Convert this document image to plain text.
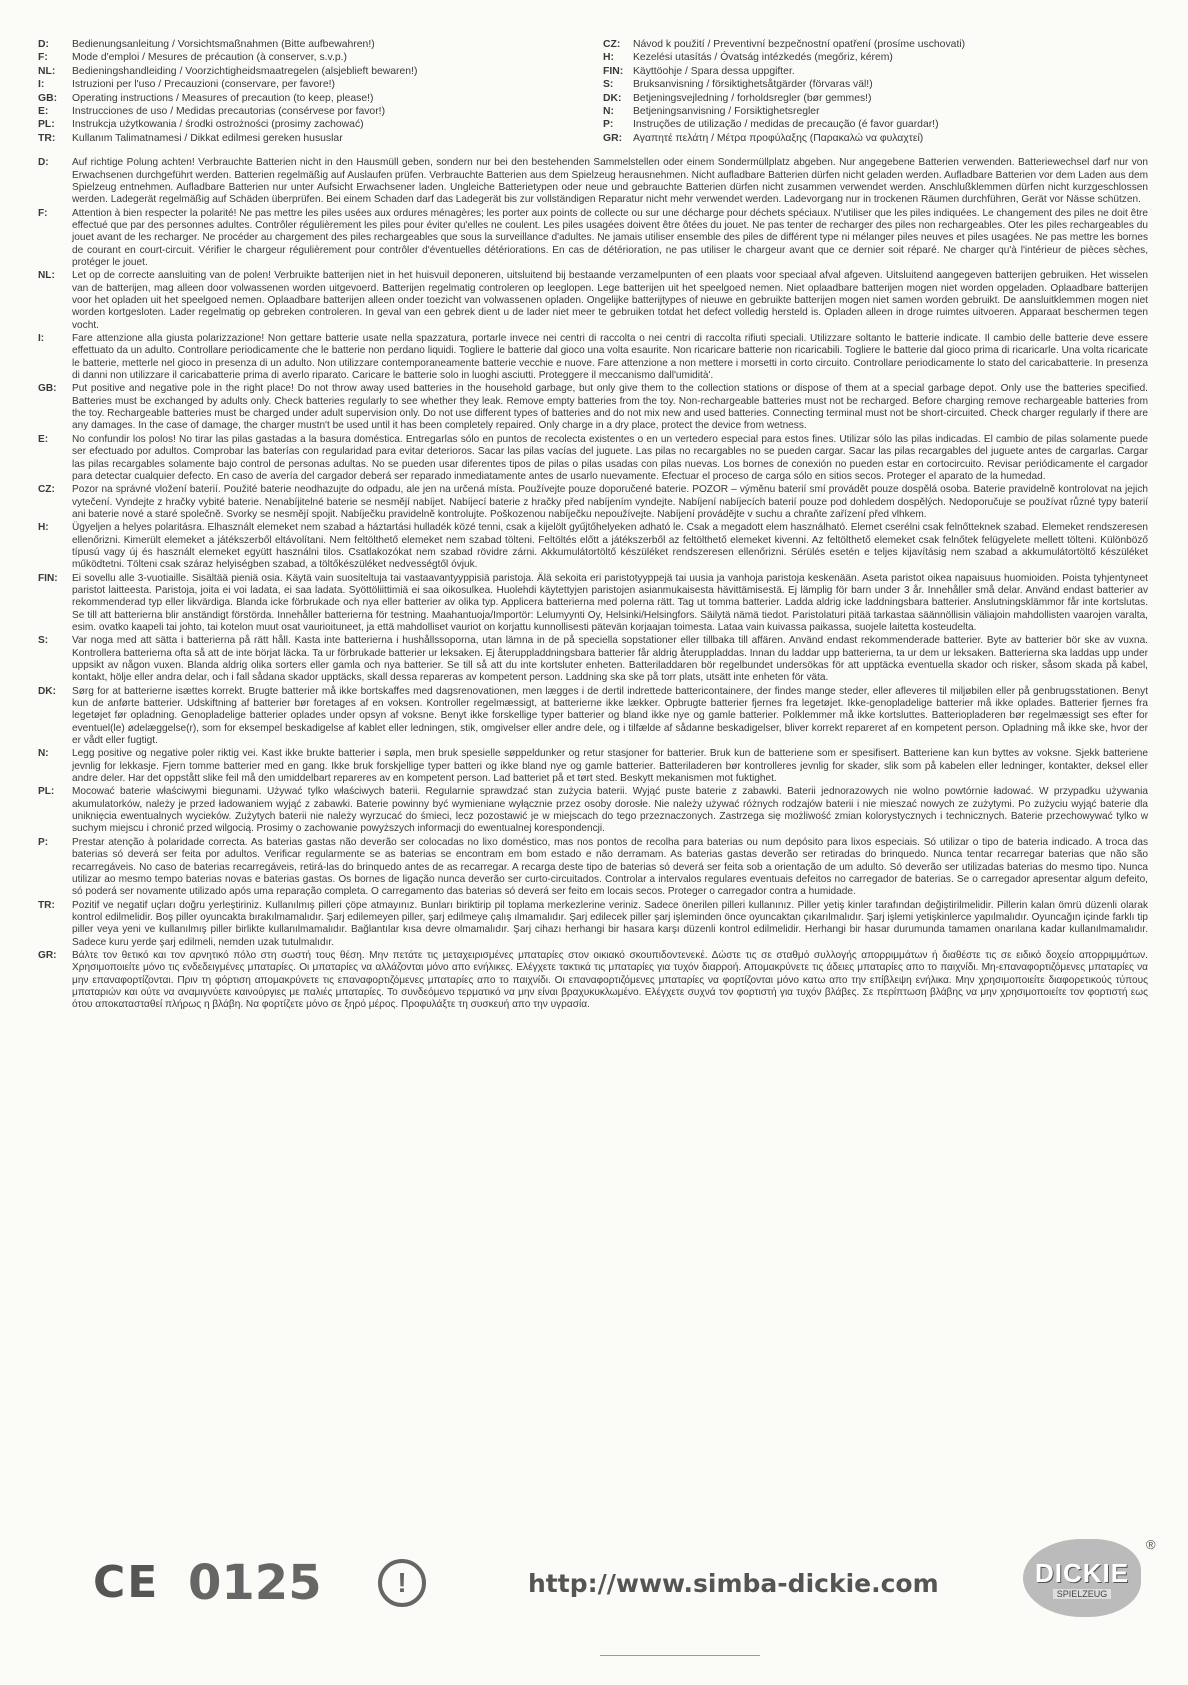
D:	Bedienungsanleitung / Vorsichtsmaßnahmen (Bitte aufbewahren!)
F:	Mode d'emploi / Mesures de précaution (à conserver, s.v.p.)
NL:	Bedieningshandleiding / Voorzichtigheidsmaatregelen (alsjeblieft bewaren!)
I:	Istruzioni per l'uso / Precauzioni (conservare, per favore!)
GB:	Operating instructions / Measures of precaution (to keep, please!)
E:	Instrucciones de uso / Medidas precautorias (consérvese por favor!)
PL:	Instrukcja użytkowania / środki ostrożności (prosimy zachować)
TR:	Kullanım Talimatnamesi / Dikkat edilmesi gereken hususlar
CZ:	Návod k použití / Preventivní bezpečnostní opatření (prosíme uschovati)
H:	Kezelési utasítás / Óvatság intézkedés (megőriz, kérem)
FIN: Käyttöohje / Spara dessa uppgifter.
S:	Bruksanvisning / försiktighetsåtgärder (förvaras väl!)
DK:	Betjeningsvejledning / forholdsregler (bør gemmes!)
N:	Betjeningsanvisning / Forsiktighetsregler
P:	Instruções de utilização / medidas de precaução (é favor guardar!)
GR:	Αγαπητέ πελάτη / Μέτρα προφύλαξης (Παρακαλώ να φυλαχτεί)
D:	Auf richtige Polung achten! Verbrauchte Batterien nicht in den Hausmüll geben, sondern nur bei den bestehenden Sammelstellen oder einem Sondermüllplatz abgeben. Nur angegebene Batterien verwenden. Batteriewechsel darf nur von Erwachsenen durchgeführt werden. Batterien regelmäßig auf Auslaufen prüfen. Verbrauchte Batterien aus dem Spielzeug herausnehmen. Nicht aufladbare Batterien dürfen nicht geladen werden. Aufladbare Batterien vor dem Laden aus dem Spielzeug entnehmen. Aufladbare Batterien nur unter Aufsicht Erwachsener laden. Ungleiche Batterietypen oder neue und gebrauchte Batterien dürfen nicht zusammen verwendet werden. Anschlußklemmen dürfen nicht kurzgeschlossen werden. Ladegerät regelmäßig auf Schäden überprüfen. Bei einem Schaden darf das Ladegerät bis zur vollständigen Reparatur nicht mehr verwendet werden. Ladevorgang nur in trockenen Räumen durchführen, Gerät vor Nässe schützen.
F:	Attention à bien respecter la polarité! Ne pas mettre les piles usées aux ordures ménagères; les porter aux points de collecte ou sur une décharge pour déchets spéciaux. N'utiliser que les piles indiquées. Le changement des piles ne doit être effectué que par des personnes adultes. Contrôler régulièrement les piles pour éviter qu'elles ne coulent. Les piles usagées doivent être ôtées du jouet. Ne pas tenter de recharger des piles non rechargeables. Oter les piles rechargeables du jouet avant de les recharger. Ne procéder au chargement des piles rechargeables que sous la surveillance d'adultes. Ne jamais utiliser ensemble des piles de différent type ni mélanger piles neuves et piles usagées. Ne pas mettre les bornes de courant en court-circuit. Vérifier le chargeur régulièrement pour contrôler d'éventuelles détériorations. En cas de détérioration, ne pas utiliser le chargeur avant que ce dernier soit réparé. Ne charger qu'à l'intérieur de pièces sèches, protéger le jouet.
NL:	Let op de correcte aansluiting van de polen! Verbruikte batterijen niet in het huisvuil deponeren, uitsluitend bij bestaande verzamelpunten of een plaats voor speciaal afval afgeven. Uitsluitend aangegeven batterijen gebruiken. Het wisselen van de batterijen, mag alleen door volwassenen worden uitgevoerd. Batterijen regelmatig controleren op leeglopen. Lege batterijen uit het speelgoed nemen. Niet oplaadbare batterijen mogen niet worden opgeladen. Oplaadbare batterijen voor het opladen uit het speelgoed nemen. Oplaadbare batterijen alleen onder toezicht van volwassenen opladen. Ongelijke batterijtypes of nieuwe en gebruikte batterijen mogen niet samen worden gebruikt. De aansluitklemmen mogen niet worden kortgesloten. Lader regelmatig op gebreken controleren. In geval van een gebrek dient u de lader niet meer te gebruiken totdat het defect volledig hersteld is. Opladen alleen in droge ruimtes uitvoeren. Apparaat beschermen tegen vocht.
I:	Fare attenzione alla giusta polarizzazione! Non gettare batterie usate nella spazzatura, portarle invece nei centri di raccolta o nei centri di raccolta rifiuti speciali. Utilizzare soltanto le batterie indicate. Il cambio delle batterie deve essere effettuato da un adulto. Controllare periodicamente che le batterie non perdano liquidi. Togliere le batterie dal gioco una volta esaurite. Non ricaricare batterie non ricaricabili. Togliere le batterie dal gioco prima di ricaricarle. Una volta ricaricate le batterie, metterle nel gioco in presenza di un adulto. Non utilizzare contemporaneamente batterie vecchie e nuove. Fare attenzione a non mettere i morsetti in corto circuito. Controllare periodicamente lo stato del caricabatterie. In presenza di danni non utilizzare il caricabatterie prima di averlo riparato. Caricare le batterie solo in luoghi asciutti. Proteggere il meccanismo dall'umidità'.
GB:	Put positive and negative pole in the right place! Do not throw away used batteries in the household garbage, but only give them to the collection stations or dispose of them at a special garbage depot. Only use the batteries specified. Batteries must be exchanged by adults only. Check batteries regularly to see whether they leak. Remove empty batteries from the toy. Non-rechargeable batteries must not be recharged. Before charging remove rechargeable batteries from the toy. Rechargeable batteries must be charged under adult supervision only. Do not use different types of batteries and do not mix new and used batteries. Connecting terminal must not be short-circuited. Check charger regularly if there are any damages. In the case of damage, the charger mustn't be used until it has been completely repaired. Only charge in a dry place, protect the device from wetness.
E:	No confundir los polos! No tirar las pilas gastadas a la basura doméstica. Entregarlas sólo en puntos de recolecta existentes o en un vertedero especial para estos fines. Utilizar sólo las pilas indicadas. El cambio de pilas solamente puede ser efectuado por adultos. Comprobar las baterías con regularidad para evitar deterioros. Sacar las pilas vacías del juguete. Las pilas no recargables no se pueden cargar. Sacar las pilas recargables del juguete antes de cargarlas. Cargar las pilas recargables solamente bajo control de personas adultas. No se pueden usar diferentes tipos de pilas o pilas usadas con pilas nuevas. Los bornes de conexión no pueden estar en cortocircuito. Revisar periódicamente el cargador para detectar cualquier defecto. En caso de avería del cargador deberá ser reparado inmediatamente antes de usarlo nuevamente. Efectuar el proceso de carga sólo en sitios secos. Proteger el aparato de la humedad.
CZ:	Pozor na správné vložení baterií. Použité baterie neodhazujte do odpadu, ale jen na určená místa. Používejte pouze doporučené baterie. POZOR – výměnu baterií smí provádět pouze dospělá osoba. Baterie pravidelně kontrolovat na jejich vytečení. Vyndejte z hračky vybité baterie. Nenabíjitelné baterie se nesmějí nabíjet. Nabíjecí baterie z hračky před nabíjením vyndejte. Nabíjení nabíjecích baterií pouze pod dohledem dospělých. Nedoporučuje se používat různé typy baterií ani baterie nové a staré společně. Svorky se nesmějí spojit. Nabíječku pravidelně kontrolujte. Poškozenou nabíječku nepoužívejte. Nabíjení provádějte v suchu a chraňte zařízení před vlhkem.
H:	Ügyeljen a helyes polaritásra. Elhasznált elemeket nem szabad a háztartási hulladék közé tenni, csak a kijelölt gyűjtőhelyeken adható le. Csak a megadott elem használható. Elemet cserélni csak felnőtteknek szabad. Elemeket rendszeresen ellenőrizni. Kimerült elemeket a játékszerből eltávolítani. Nem feltölthető elemeket nem szabad tölteni. Feltöltés előtt a játékszerből az feltölthető elemeket kivenni. Az feltölthető elemeket csak felnőtek felügyelete mellett tölteni. Különböző típusú vagy új és használt elemeket együtt használni tilos. Csatlakozókat nem szabad rövidre zárni. Akkumulátortöltő készüléket rendszeresen ellenőrizni. Sérülés esetén e teljes kijavításig nem szabad a akkumulátortöltő készüléket működtetni. Tölteni csak száraz helyiségben szabad, a töltőkészüléket nedvességtől óvjuk.
FIN:	Ei sovellu alle 3-vuotiaille. Sisältää pieniä osia. Käytä vain suositeltuja tai vastaavantyyppisiä paristoja. Älä sekoita eri paristotyyppejä tai uusia ja vanhoja paristoja keskenään. Aseta paristot oikea napaisuus huomioiden. Poista tyhjentyneet paristot laitteesta. Paristoja, joita ei voi ladata, ei saa ladata. Syöttöliittimiä ei saa oikosulkea. Huolehdi käytettyjen paristojen asianmukaisesta hävittämisestä. Ej lämplig för barn under 3 år. Innehåller små delar. Använd endast batterier av rekommenderad typ eller likvärdiga. Blanda icke förbrukade och nya eller batterier av olika typ. Applicera batterierna med polerna rätt. Tag ut tomma batterier. Ladda aldrig icke laddningsbara batterier. Anslutningsklämmor får inte kortslutas. Se till att batterierna blir anständigt förstörda. Innehåller batterierna för testning. Maahantuoja/Importör: Lelumyynti Oy, Helsinki/Helsingfors. Säilytä nämä tiedot. Paristolaturi pitää tarkastaa säännöllisin väliajoin mahdollisten vaarojen varalta, esim. ovatko kaapeli tai johto, tai kotelon muut osat vaurioituneet, ja että mahdolliset vauriot on korjattu kunnollisesti pätevän korjaajan toimesta. Lataa vain kuivassa paikassa, suojele laitetta kosteudelta.
S:	Var noga med att sätta i batterierna på rätt håll. Kasta inte batterierna i hushållssoporna, utan lämna in de på speciella sopstationer eller tillbaka till affären. Använd endast rekommenderade batterier. Byte av batterier bör ske av vuxna. Kontrollera batterierna ofta så att de inte börjat läcka. Ta ur förbrukade batterier ur leksaken. Ej återuppladdningsbara batterier får aldrig återuppladdas. Innan du laddar upp batterierna, ta ur dem ur leksaken. Batterierna ska laddas upp under uppsikt av någon vuxen. Blanda aldrig olika sorters eller gamla och nya batterier. Se till så att du inte kortsluter enheten. Batteriladdaren bör regelbundet undersökas för att upptäcka eventuella skador och risker, såsom skada på kabel, kontakt, hölje eller andra delar, och i fall sådana skador upptäcks, skall dessa repareras av kompetent person. Laddning ska ske på torr plats, utsätt inte enheten för väta.
DK:	Sørg for at batterierne isættes korrekt. Brugte batterier må ikke bortskaffes med dagsrenovationen, men lægges i de dertil indrettede battericontainere, der findes mange steder, eller afleveres til miljøbilen eller på genbrugsstationen. Benyt kun de anførte batterier. Udskiftning af batterier bør foretages af en voksen. Kontroller regelmæssigt, at batterierne ikke lækker. Opbrugte batterier fjernes fra legetøjet. Ikke-genopladelige batterier må ikke oplades. Batterier fjernes fra legetøjet før opladning. Genopladelige batterier oplades under opsyn af voksne. Benyt ikke forskellige typer batterier og bland ikke nye og gamle batterier. Polklemmer må ikke kortsluttes. Batteriopladeren bør regelmæssigt ses efter for eventuel(le) ødelæggelse(r), som for eksempel beskadigelse af kablet eller ledningen, stik, omgivelser eller andre dele, og i tilfælde af sådanne beskadigelser, bliver korrekt repareret af en kompetent person. Opladning må ikke ske, hvor der er vådt eller fugtigt.
N:	Legg positive og negative poler riktig vei. Kast ikke brukte batterier i søpla, men bruk spesielle søppeldunker og retur stasjoner for batterier. Bruk kun de batteriene som er spesifisert. Batteriene kan kun byttes av voksne. Sjekk batteriene jevnlig for lekkasje. Fjern tomme batterier med en gang. Ikke bruk forskjellige typer batteri og ikke bland nye og gamle batterier. Batteriladeren bør kontrolleres jevnlig for skader, slik som på kabelen eller ledninger, kontakter, deksel eller andre deler. Har det oppstått slike feil må den umiddelbart repareres av en kompetent person. Lad batteriet på et tørt sted. Beskytt mekanismen mot fuktighet.
PL:	Mocować baterie właściwymi biegunami. Używać tylko właściwych baterii. Regularnie sprawdzać stan zużycia baterii. Wyjąć puste baterie z zabawki. Baterii jednorazowych nie wolno powtórnie ładować. W przypadku używania akumulatorków, należy je przed ładowaniem wyjąć z zabawki. Baterie powinny być wymieniane wyłącznie przez osoby dorosłe. Nie należy używać różnych rodzajów baterii i nie mieszać nowych ze zużytymi. Po zużyciu wyjąć baterie dla uniknięcia ewentualnych wycieków. Zużytych baterii nie należy wyrzucać do śmieci, lecz pozostawić je w miejscach do tego przeznaczonych. Zastrzega się możliwość zmian kolorystycznych i technicznych. Baterie przechowywać tylko w suchym miejscu i chronić przed wilgocią. Prosimy o zachowanie powyższych informacji do ewentualnej korespondencji.
P:	Prestar atenção à polaridade correcta. As baterias gastas não deverão ser colocadas no lixo doméstico, mas nos pontos de recolha para baterias ou num depósito para lixos especiais. Só utilizar o tipo de bateria indicado. A troca das baterias só deverá ser feita por adultos. Verificar regularmente se as baterias se encontram em bom estado e não derramam. As baterias gastas deverão ser retiradas do brinquedo. Nunca tentar recarregar baterias que não são recarregáveis. No caso de baterias recarregáveis, retirá-las do brinquedo antes de as recarregar. A recarga deste tipo de baterias só deverá ser feita sob a orientação de um adulto. Só deverão ser utilizadas baterias do mesmo tipo. Nunca utilizar ao mesmo tempo baterias novas e baterias gastas. Os bornes de ligação nunca deverão ser curto-circuitados. Controlar a intervalos regulares eventuais defeitos no carregador de baterias. Se o carregador apresentar algum defeito, só poderá ser novamente utilizado após uma reparação completa. O carregamento das baterias só deverá ser feito em locais secos. Proteger o carregador contra a humidade.
TR:	Pozitif ve negatif uçları doğru yerleştiriniz. Kullanılmış pilleri çöpe atmayınız. Bunları biriktirip pil toplama merkezlerine veriniz. Sadece önerilen pilleri kullanınız. Piller yetiş kinler tarafından değiştirilmelidir. Pillerin kalan ömrü düzenli olarak kontrol edilmelidir. Boş piller oyuncakta bırakılmamalıdır. Şarj edilemeyen piller, şarj edilmeye çalış ılmamalıdır. Şarj edilecek piller şarj işleminden önce oyuncaktan çıkarılmalıdır. Şarj işlemi yetişkinlerce yapılmalıdır. Oyuncağın içinde farklı tip piller veya yeni ve kullanılmış piller birlikte kullanılmamalıdır. Bağlantılar kısa devre olmamalıdır. Şarj cihazı herhangi bir hasara karşı düzenli kontrol edilmelidir. Herhangi bir hasar durumunda tamamen onarılana kadar kullanılmamalıdır. Sadece kuru yerde şarj edilmeli, nemden uzak tutulmalıdır.
GR:	Βάλτε τον θετικό και τον αρνητικό πόλο στη σωστή τους θέση. Μην πετάτε τις μεταχειρισμένες μπαταρίες στον οικιακό σκουπιδοντενεκέ. Δώστε τις σε σταθμό συλλογής απορριμμάτων ή διαθέστε τις σε ειδικό δοχείο απορριμμάτων. Χρησιμοποιείτε μόνο τις ενδεδειγμένες μπαταρίες. Οι μπαταρίες να αλλάζονται μόνο απο ενήλικες. Ελέγχετε τακτικά τις μπαταρίες για τυχόν διαρροή. Απομακρύνετε τις άδειες μπαταρίες απο το παιχνίδι. Μη-επαναφορτιζόμενες μπαταρίες να μην επαναφορτίζονται. Πριν τη φόρτιση απομακρύνετε τις επαναφορτιζόμενες μπαταρίες απο το παιχνίδι. Οι επαναφορτιζόμενες μπαταρίες να φορτίζονται μόνο κατω απο την επίβλεψη ενήλικα. Μην χρησιμοποιείτε διαφορετικούς τύπους μπαταριών και ούτε να αναμιγνύετε καινούργιες με παλιές μπαταρίες. Το συνδεόμενο τερματικό να μην είναι βραχυκυκλωμένο. Ελέγχετε συχνά τον φορτιστή για τυχόν βλάβες. Σε περίπτωση βλάβης να μην χρησιμοποιείτε τον φορτιστή εως ότου αποκατασταθεί πλήρως η βλάβη. Να φορτίζετε μόνο σε ξηρό μέρος. Προφυλάξτε τη συσκευή απο την υγρασία.
CE 0125	!	http://www.simba-dickie.com	DICKIE
SPIELZEUG
®
